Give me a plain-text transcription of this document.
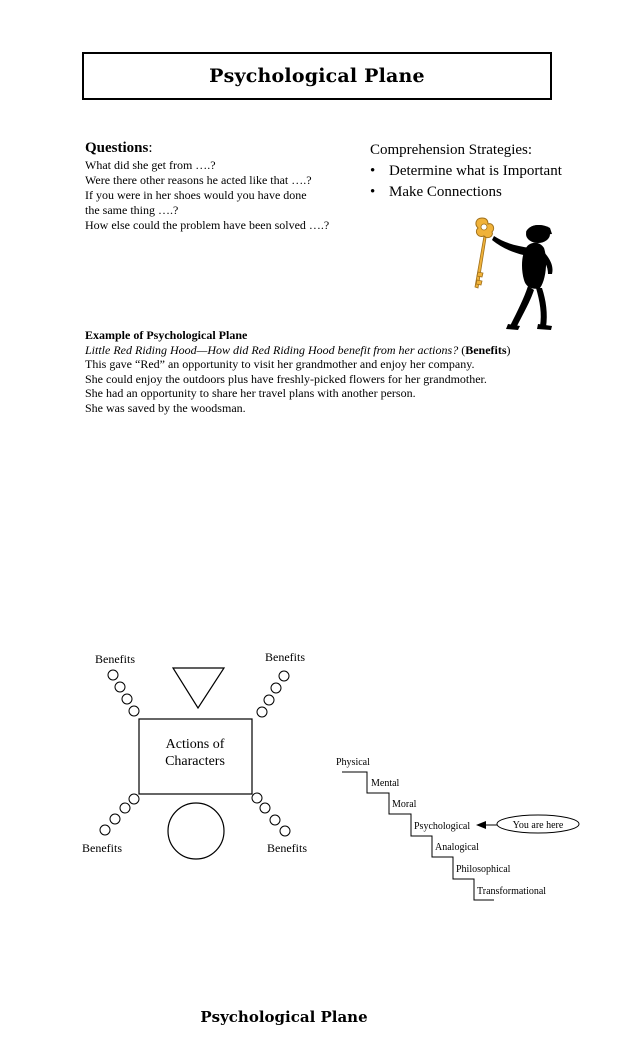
Psychological Plane
Questions:
What did she get from ….?
Were there other reasons he acted like that ….?
If you were in her shoes would you have done
the same thing ….?
How else could the problem have been solved ….?
Comprehension Strategies:
• Determine what is Important
• Make Connections
Example of Psychological Plane
Little Red Riding Hood—How did Red Riding Hood benefit from her actions? (Benefits)
This gave “Red” an opportunity to visit her grandmother and enjoy her company.
She could enjoy the outdoors plus have freshly-picked flowers for her grandmother.
She had an opportunity to share her travel plans with another person.
She was saved by the woodsman.
Actions of
Characters
Benefits	Benefits
Benefits	Benefits
Physical
Mental
Moral
Psychological
Analogical
Philosophical
Transformational
You are here
Psychological Plane
